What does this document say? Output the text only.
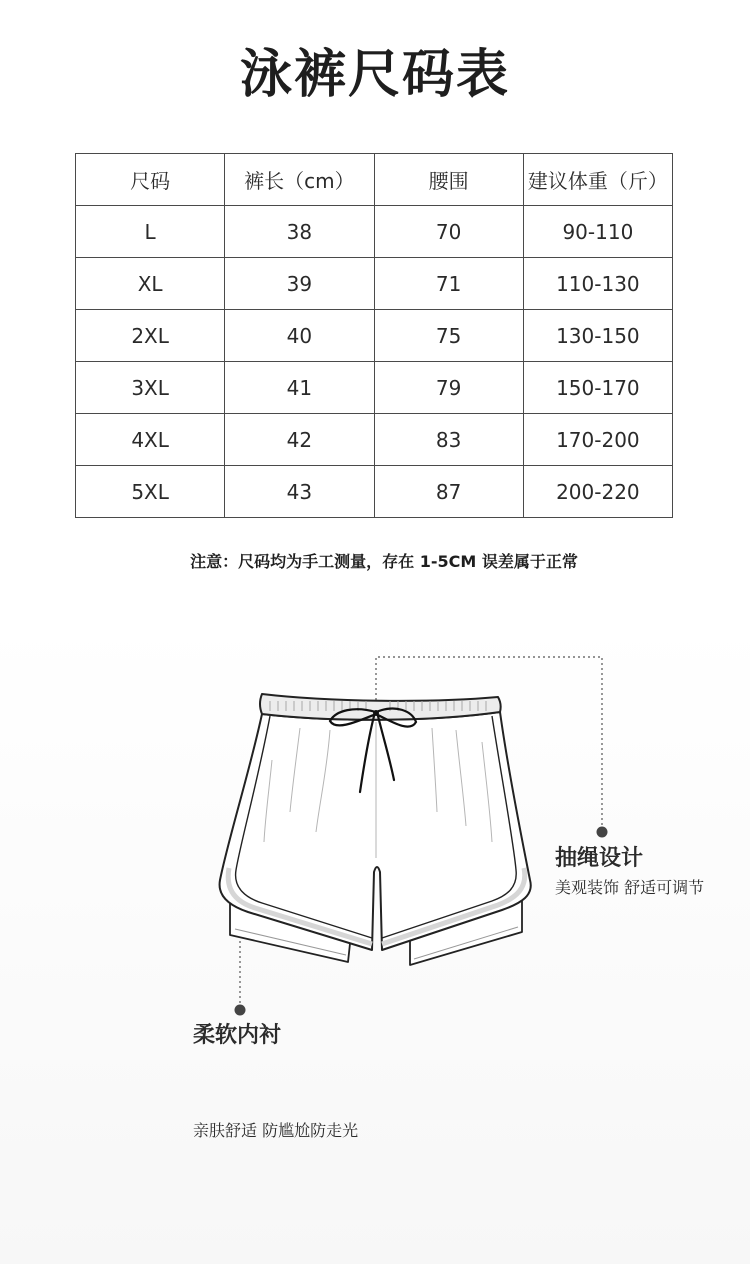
泳裤尺码表
尺码	裤长（cm）	腰围	建议体重（斤）
L	38	70	90-110
XL	39	71	110-130
2XL	40	75	130-150
3XL	41	79	150-170
4XL	42	83	170-200
5XL	43	87	200-220
注意：尺码均为手工测量，存在 1-5CM 误差属于正常
抽绳设计
美观装饰 舒适可调节
柔软内衬
亲肤舒适 防尴尬防走光
